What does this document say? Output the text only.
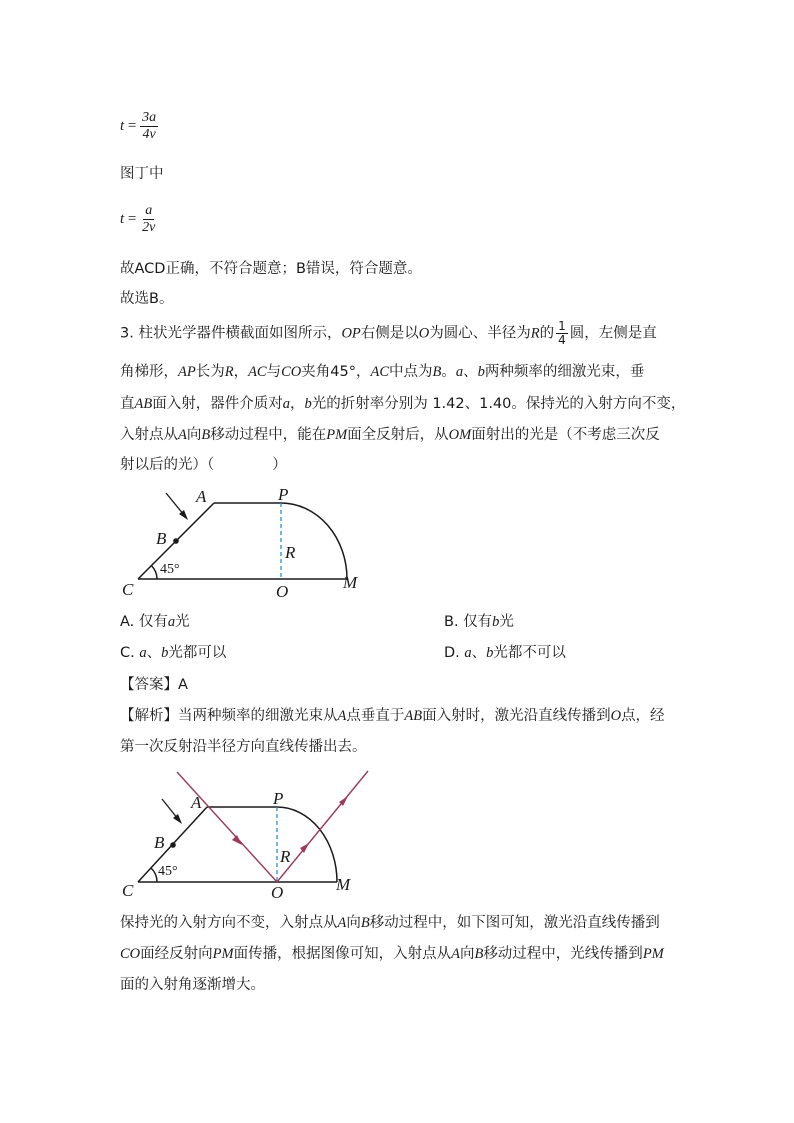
$t = \frac{3a}{4v}$
图丁中
$t = \frac{a}{2v}$
故ACD正确，不符合题意；B错误，符合题意。
故选B。
3. 柱状光学器件横截面如图所示，OP右侧是以O为圆心、半径为R的 $\frac{1}{4}$ 圆，左侧是直
角梯形，AP长为R，AC与CO夹角45°，AC中点为B。a、b两种频率的细激光束，垂
直AB面入射，器件介质对a，b光的折射率分别为 1.42、1.40。保持光的入射方向不变，
入射点从A向B移动过程中，能在PM面全反射后，从OM面射出的光是（不考虑三次反
射以后的光）（　　　　）
A	P
B
R
C	O	M
45°
A. 仅有a光	B. 仅有b光
C. a、b光都可以	D. a、b光都不可以
【答案】A
【解析】当两种频率的细激光束从A点垂直于AB面入射时，激光沿直线传播到O点，经
第一次反射沿半径方向直线传播出去。
A	P
B
R
C	O	M
45°
保持光的入射方向不变，入射点从A向B移动过程中，如下图可知，激光沿直线传播到
CO面经反射向PM面传播，根据图像可知，入射点从A向B移动过程中，光线传播到PM
面的入射角逐渐增大。
